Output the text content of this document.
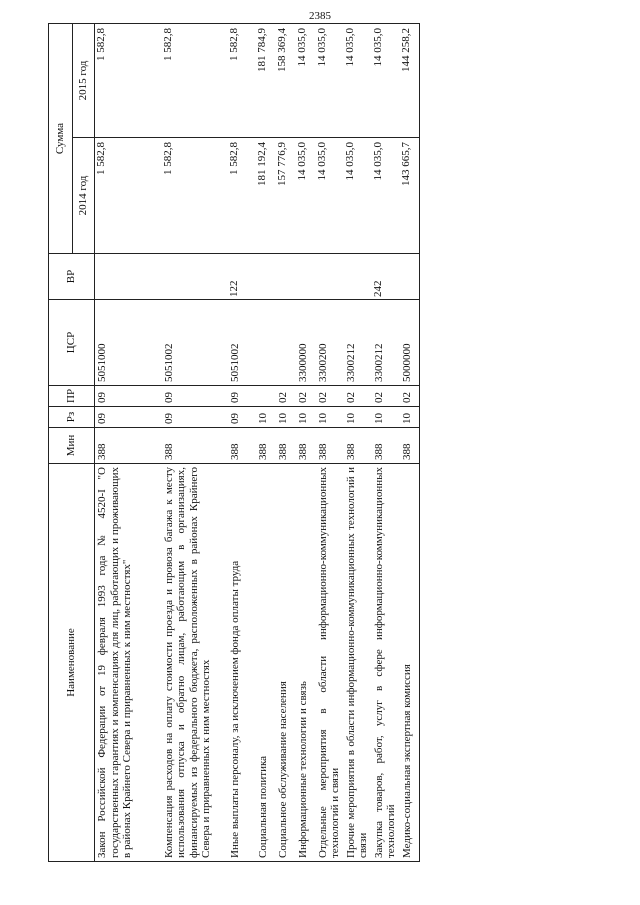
2385
Наименование	Мин	Рз	ПР	ЦСР	ВР	Сумма	
						2014 год	2015 год
Закон Российской Федерации от 19 февраля 1993 года № 4520-I "О государственных гарантиях и компенсациях для лиц, работающих и проживающих в районах Крайнего Севера и приравненных к ним местностях"	388	09	09	5051000		1 582,8	1 582,8
Компенсация расходов на оплату стоимости проезда и провоза багажа к месту использования отпуска и обратно лицам, работающим в организациях, финансируемых из федерального бюджета, расположенных в районах Крайнего Севера и приравненных к ним местностях	388	09	09	5051002		1 582,8	1 582,8
Иные выплаты персоналу, за исключением фонда оплаты труда	388	09	09	5051002	122	1 582,8	1 582,8
Социальная политика	388	10				181 192,4	181 784,9
Социальное обслуживание населения	388	10	02			157 776,9	158 369,4
Информационные технологии и связь	388	10	02	3300000		14 035,0	14 035,0
Отдельные мероприятия в области информационно-коммуникационных технологий и связи	388	10	02	3300200		14 035,0	14 035,0
Прочие мероприятия в области информационно-коммуникационных технологий и связи	388	10	02	3300212		14 035,0	14 035,0
Закупка товаров, работ, услуг в сфере информационно-коммуникационных технологий	388	10	02	3300212	242	14 035,0	14 035,0
Медико-социальная экспертная комиссия	388	10	02	5000000		143 665,7	144 258,2
